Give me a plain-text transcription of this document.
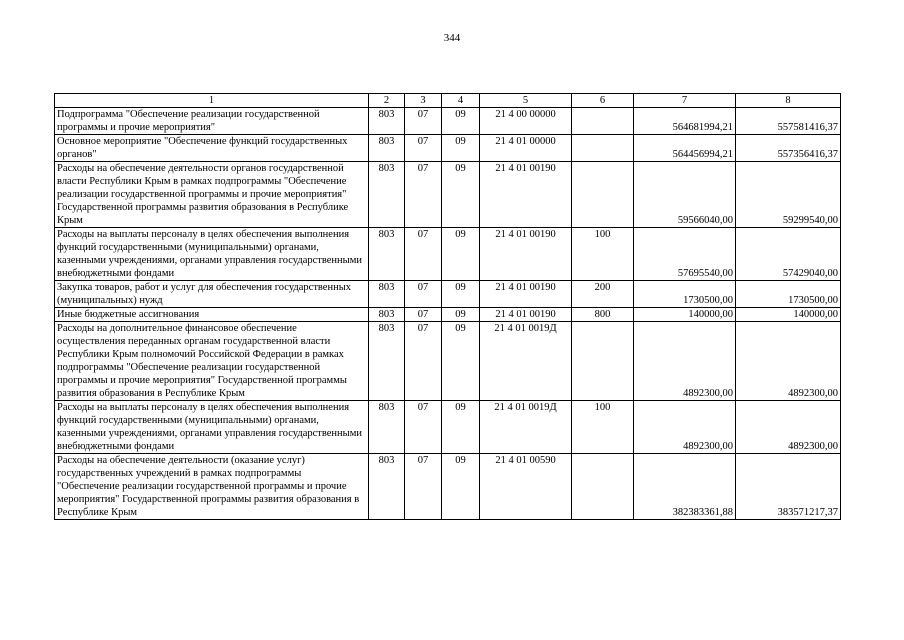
344
1	2	3	4	5	6	7	8
Подпрограмма "Обеспечение реализации государственной программы и прочие мероприятия"	803	07	09	21 4 00 00000		564681994,21	557581416,37
Основное мероприятие "Обеспечение функций государственных органов"	803	07	09	21 4 01 00000		564456994,21	557356416,37
Расходы на обеспечение деятельности органов государственной власти Республики Крым в рамках подпрограммы "Обеспечение реализации государственной программы и прочие мероприятия" Государственной программы развития образования в Республике Крым	803	07	09	21 4 01 00190		59566040,00	59299540,00
Расходы на выплаты персоналу в целях обеспечения выполнения функций государственными (муниципальными) органами, казенными учреждениями, органами управления государственными внебюджетными фондами	803	07	09	21 4 01 00190	100	57695540,00	57429040,00
Закупка товаров, работ и услуг для обеспечения государственных (муниципальных) нужд	803	07	09	21 4 01 00190	200	1730500,00	1730500,00
Иные бюджетные ассигнования	803	07	09	21 4 01 00190	800	140000,00	140000,00
Расходы на дополнительное финансовое обеспечение осуществления переданных органам государственной власти Республики Крым полномочий Российской Федерации в рамках подпрограммы "Обеспечение реализации государственной программы и прочие мероприятия" Государственной программы развития образования в Республике Крым	803	07	09	21 4 01 0019Д		4892300,00	4892300,00
Расходы на выплаты персоналу в целях обеспечения выполнения функций государственными (муниципальными) органами, казенными учреждениями, органами управления государственными внебюджетными фондами	803	07	09	21 4 01 0019Д	100	4892300,00	4892300,00
Расходы на обеспечение деятельности (оказание услуг) государственных учреждений в рамках подпрограммы "Обеспечение реализации государственной программы и прочие мероприятия" Государственной программы развития образования в Республике Крым	803	07	09	21 4 01 00590		382383361,88	383571217,37
